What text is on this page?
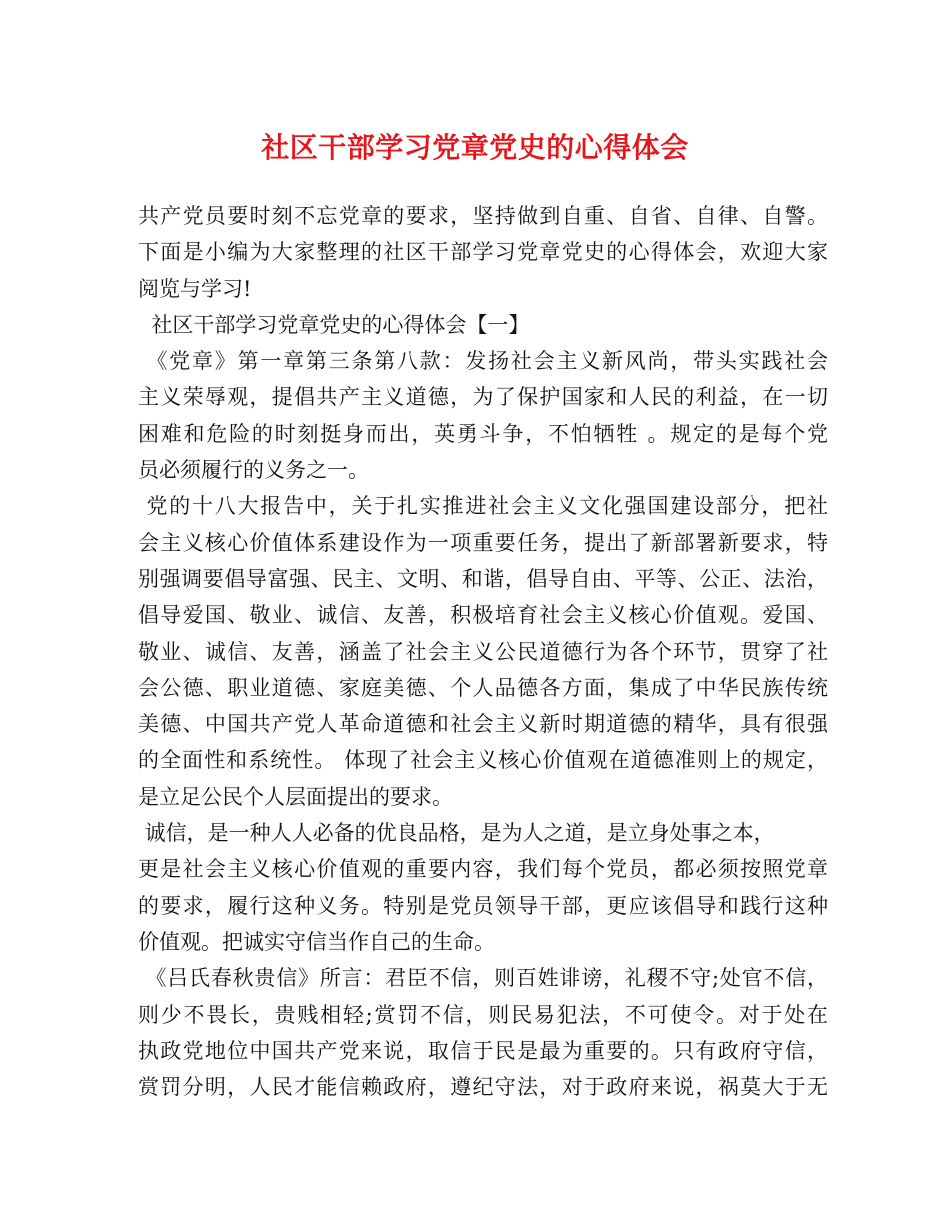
社区干部学习党章党史的心得体会
共产党员要时刻不忘党章的要求，坚持做到自重、自省、自律、自警。
下面是小编为大家整理的社区干部学习党章党史的心得体会，欢迎大家
阅览与学习!
社区干部学习党章党史的心得体会【一】
《党章》第一章第三条第八款：发扬社会主义新风尚，带头实践社会
主义荣辱观，提倡共产主义道德，为了保护国家和人民的利益，在一切
困难和危险的时刻挺身而出，英勇斗争，不怕牺牲 。规定的是每个党
员必须履行的义务之一。
党的十八大报告中，关于扎实推进社会主义文化强国建设部分，把社
会主义核心价值体系建设作为一项重要任务，提出了新部署新要求，特
别强调要倡导富强、民主、文明、和谐，倡导自由、平等、公正、法治，
倡导爱国、敬业、诚信、友善，积极培育社会主义核心价值观。爱国、
敬业、诚信、友善，涵盖了社会主义公民道德行为各个环节，贯穿了社
会公德、职业道德、家庭美德、个人品德各方面，集成了中华民族传统
美德、中国共产党人革命道德和社会主义新时期道德的精华，具有很强
的全面性和系统性。 体现了社会主义核心价值观在道德准则上的规定，
是立足公民个人层面提出的要求。
诚信，是一种人人必备的优良品格，是为人之道，是立身处事之本，
更是社会主义核心价值观的重要内容，我们每个党员，都必须按照党章
的要求，履行这种义务。特别是党员领导干部，更应该倡导和践行这种
价值观。把诚实守信当作自己的生命。
《吕氏春秋贵信》所言：君臣不信，则百姓诽谤，礼稷不守;处官不信，
则少不畏长，贵贱相轻;赏罚不信，则民易犯法，不可使令。对于处在
执政党地位中国共产党来说，取信于民是最为重要的。只有政府守信，
赏罚分明，人民才能信赖政府，遵纪守法，对于政府来说，祸莫大于无
